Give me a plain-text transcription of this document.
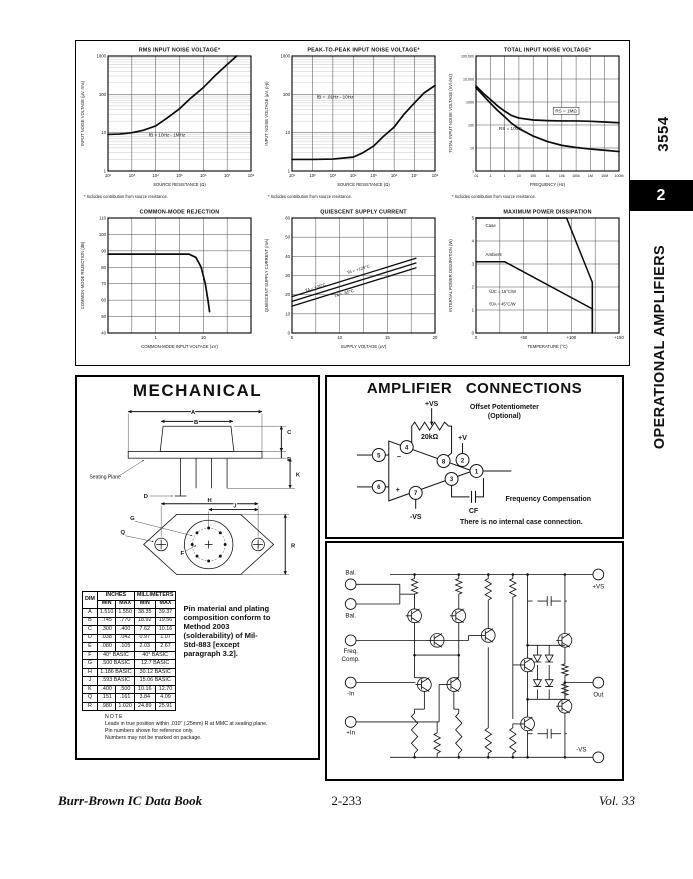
fB = 10Hz - 1MHz
10²	10³	10⁴	10⁵	10⁶	10⁷	10⁸
1
10
100
1000
RMS INPUT NOISE VOLTAGE*
SOURCE RESISTANCE (Ω)
INPUT NOISE VOLTAGE (μV, rms)
* Includes contribution from source resistance.
fB = .01Hz - 10Hz
10¹	10²	10³	10⁴	10⁵	10⁶	10⁷	10⁸
1
10
100
1000
PEAK-TO-PEAK INPUT NOISE VOLTAGE*
SOURCE RESISTANCE (Ω)
INPUT NOISE VOLTAGE (μV, p-p)
* Includes contribution from source resistance.
RS = 1MΩ
RS = 100Ω
.01	.1	1	10	100	1k	10k 100k 1M 10M 100M
1
10
100
1000
10,000
100,000
TOTAL INPUT NOISE VOLTAGE*
FREQUENCY (Hz)
TOTAL INPUT NOISE VOLTAGE (nV/√Hz)
* Includes contribution from source resistance.
1	10
40
50
60
70
80
90
100
110
COMMON-MODE REJECTION
COMMON-MODE INPUT VOLTAGE (±V)
COMMON-MODE REJECTION (dB)	TA = +125°C
TA = +25°C
TA = -55°C
5	10	15	20
0
10
20
30
40
50
60
QUIESCENT SUPPLY CURRENT
SUPPLY VOLTAGE (±V)
QUIESCENT SUPPLY CURRENT (mA)
Case
Ambient
θJC = 15°C/W
θJA = 45°C/W
0	+50	+100	+150
0
1
2
3
4
5
MAXIMUM POWER DISSIPATION
TEMPERATURE (°C)
INTERNAL POWER DISSIPATION (W)
3554
2
OPERATIONAL AMPLIFIERS
MECHANICAL
A
B
C
E
K
Seating Plane
D
H
J
G
Q
R
F
DIM	INCHES		MILLIMETERS	
	MIN	MAX	MIN	MAX
A	1.510	1.550	38.35	39.37
B	.745	.770	18.92	19.56
C	.300	.400	7.62	10.16
D	.038	.042	0.97	1.07
E	.080	.105	2.03	2.67
F	40° BASIC		40° BASIC	
G	.500 BASIC		12.7 BASIC	
H	1.186 BASIC		30.12 BASIC	
J	.593 BASIC		15.06 BASIC	
K	.400	.500	10.16	12.70
Q	.151	.161	3.84	4.09
R	.980	1.020	24.89	25.91
Pin material and plating composition conform to Method 2003 (solderability) of Mil-Std-883 [except paragraph 3.2].
NOTE
Leads in true position within .010" (.25mm) R at MMC at seating plane.
Pin numbers shown for reference only.
Numbers may not be marked on package.
AMPLIFIER CONNECTIONS
Offset Potentiometer
(Optional)
+VS
20kΩ
−
+
+V
-VS
CF
Frequency Compensation
There is no internal case connection.
4
8	2
1
5
6
7
3
Bal.
Bal.
Freq.
Comp.
-In
+In
+VS
Out
-VS
Burr-Brown IC Data Book	2-233	Vol. 33
